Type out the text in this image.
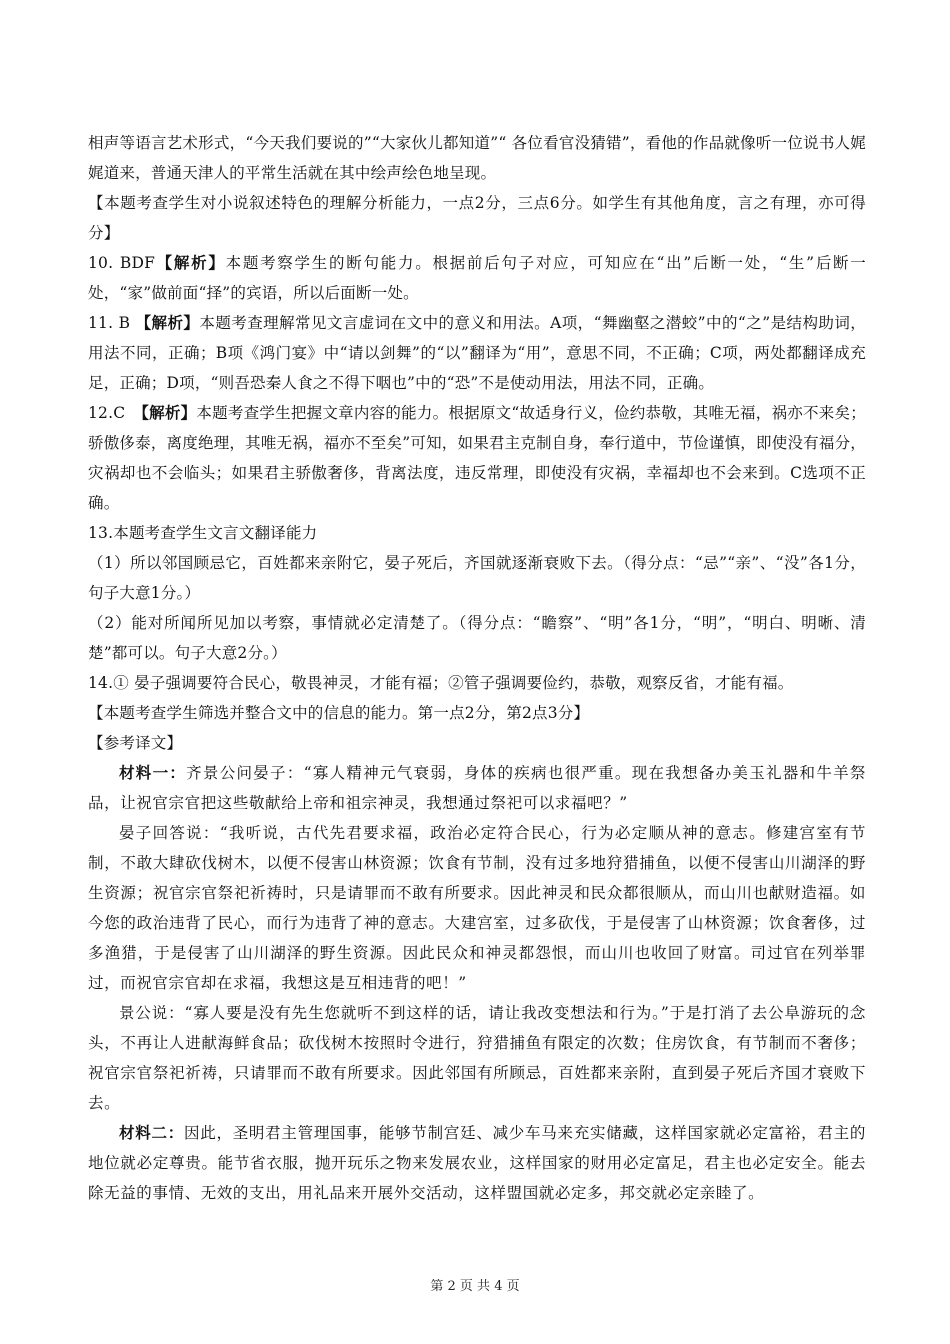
相声等语言艺术形式，“今天我们要说的”“大家伙儿都知道”“ 各位看官没猜错”，看他的作品就像听一位说书人娓娓道来，普通天津人的平常生活就在其中绘声绘色地呈现。

【本题考查学生对小说叙述特色的理解分析能力，一点2分，三点6分。如学生有其他角度，言之有理，亦可得分】

10. BDF【解析】本题考察学生的断句能力。根据前后句子对应，可知应在“出”后断一处，“生”后断一处，“家”做前面“择”的宾语，所以后面断一处。

11. B 【解析】本题考查理解常见文言虚词在文中的意义和用法。A项，“舞幽壑之潜蛟”中的“之”是结构助词，用法不同，正确；B项《鸿门宴》中“请以剑舞”的“以”翻译为“用”，意思不同，不正确；C项，两处都翻译成充足，正确；D项，“则吾恐秦人食之不得下咽也”中的“恐”不是使动用法，用法不同，正确。

12.C　【解析】本题考查学生把握文章内容的能力。根据原文“故适身行义，俭约恭敬，其唯无福，祸亦不来矣；骄傲侈泰，离度绝理，其唯无祸，福亦不至矣”可知，如果君主克制自身，奉行道中，节俭谨慎，即使没有福分，灾祸却也不会临头；如果君主骄傲奢侈，背离法度，违反常理，即使没有灾祸，幸福却也不会来到。C选项不正确。

13.本题考查学生文言文翻译能力

（1）所以邻国顾忌它，百姓都来亲附它，晏子死后，齐国就逐渐衰败下去。（得分点：“忌”“亲”、“没”各1分，句子大意1分。）

（2）能对所闻所见加以考察，事情就必定清楚了。（得分点：“瞻察”、“明”各1分，“明”，“明白、明晰、清楚”都可以。句子大意2分。）

14.① 晏子强调要符合民心，敬畏神灵，才能有福；②管子强调要俭约，恭敬，观察反省，才能有福。

【本题考查学生筛选并整合文中的信息的能力。第一点2分，第2点3分】

【参考译文】

材料一：齐景公问晏子：“寡人精神元气衰弱，身体的疾病也很严重。现在我想备办美玉礼器和牛羊祭品，让祝官宗官把这些敬献给上帝和祖宗神灵，我想通过祭祀可以求福吧？”

晏子回答说：“我听说，古代先君要求福，政治必定符合民心，行为必定顺从神的意志。修建宫室有节制，不敢大肆砍伐树木，以便不侵害山林资源；饮食有节制，没有过多地狩猎捕鱼，以便不侵害山川湖泽的野生资源；祝官宗官祭祀祈祷时，只是请罪而不敢有所要求。因此神灵和民众都很顺从，而山川也献财造福。如今您的政治违背了民心，而行为违背了神的意志。大建宫室，过多砍伐，于是侵害了山林资源；饮食奢侈，过多渔猎，于是侵害了山川湖泽的野生资源。因此民众和神灵都怨恨，而山川也收回了财富。司过官在列举罪过，而祝官宗官却在求福，我想这是互相违背的吧！”

景公说：“寡人要是没有先生您就听不到这样的话，请让我改变想法和行为。”于是打消了去公阜游玩的念头，不再让人进献海鲜食品；砍伐树木按照时令进行，狩猎捕鱼有限定的次数；住房饮食，有节制而不奢侈；祝官宗官祭祀祈祷，只请罪而不敢有所要求。因此邻国有所顾忌，百姓都来亲附，直到晏子死后齐国才衰败下去。

材料二：因此，圣明君主管理国事，能够节制宫廷、减少车马来充实储藏，这样国家就必定富裕，君主的地位就必定尊贵。能节省衣服，抛开玩乐之物来发展农业，这样国家的财用必定富足，君主也必定安全。能去除无益的事情、无效的支出，用礼品来开展外交活动，这样盟国就必定多，邦交就必定亲睦了。

第 2 页 共 4 页
